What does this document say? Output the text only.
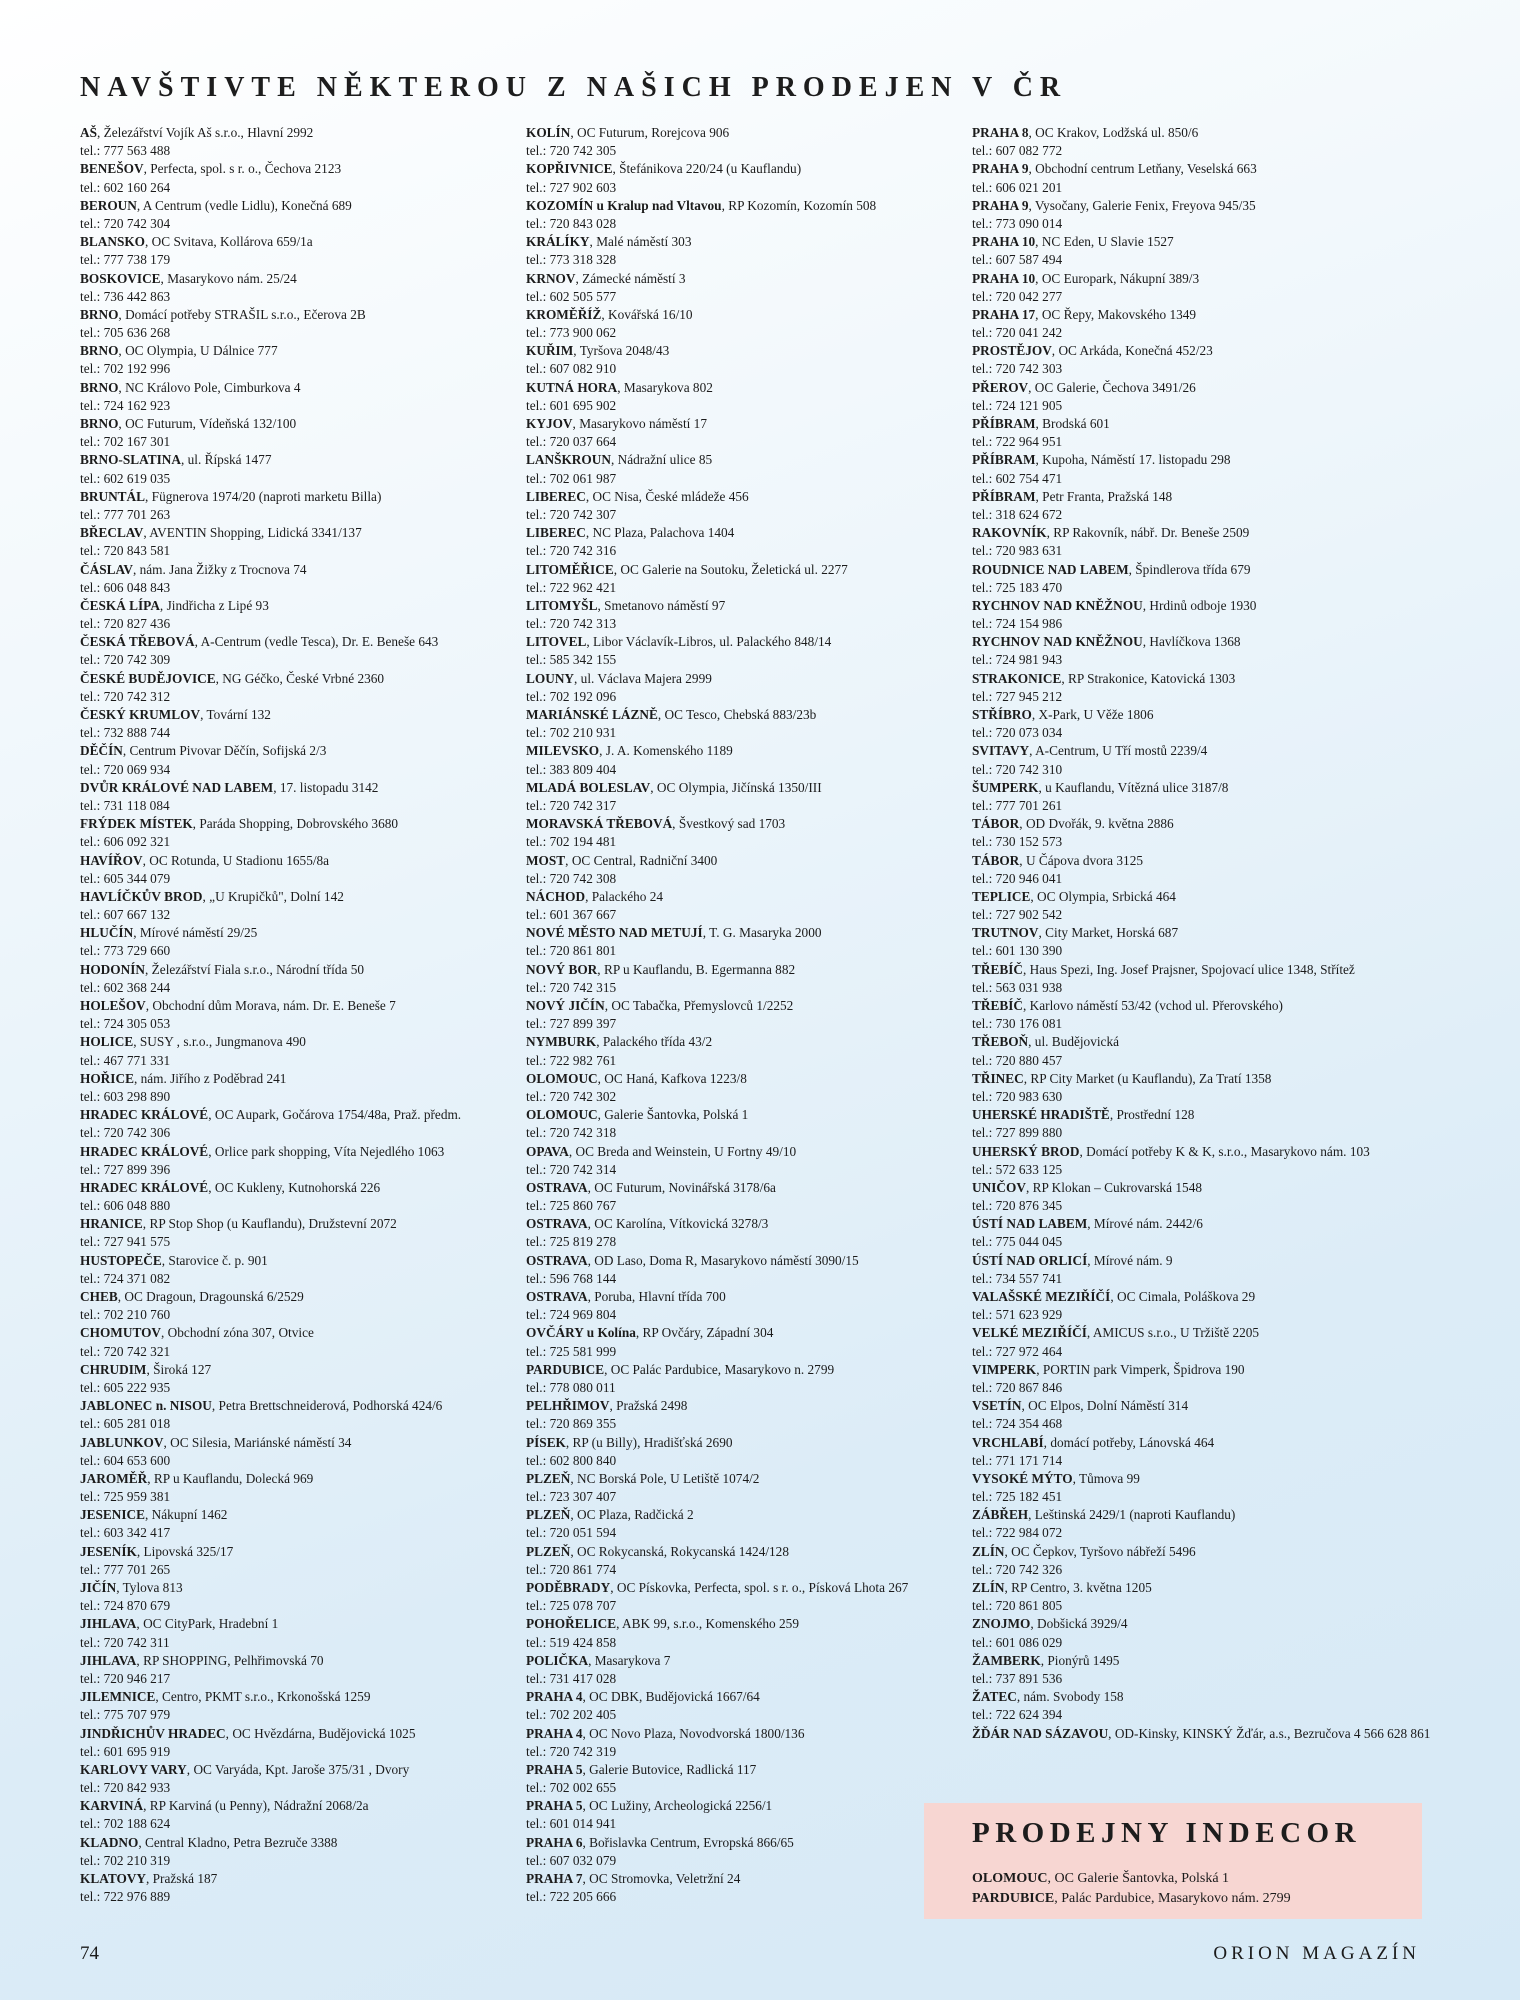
NAVŠTIVTE NĚKTEROU Z NAŠICH PRODEJEN V ČR
AŠ, Železářství Vojík Aš s.r.o., Hlavní 2992
tel.: 777 563 488
BENEŠOV, Perfecta, spol. s r. o., Čechova 2123
tel.: 602 160 264
BEROUN, A Centrum (vedle Lidlu), Konečná 689
tel.: 720 742 304
BLANSKO, OC Svitava, Kollárova 659/1a
tel.: 777 738 179
BOSKOVICE, Masarykovo nám. 25/24
tel.: 736 442 863
BRNO, Domácí potřeby STRAŠIL s.r.o., Ečerova 2B
tel.: 705 636 268
BRNO, OC Olympia, U Dálnice 777
tel.: 702 192 996
BRNO, NC Královo Pole, Cimburkova 4
tel.: 724 162 923
BRNO, OC Futurum, Vídeňská 132/100
tel.: 702 167 301
BRNO-SLATINA, ul. Řípská 1477
tel.: 602 619 035
BRUNTÁL, Fügnerova 1974/20 (naproti marketu Billa)
tel.: 777 701 263
BŘECLAV, AVENTIN Shopping, Lidická 3341/137
tel.: 720 843 581
ČÁSLAV, nám. Jana Žižky z Trocnova 74
tel.: 606 048 843
ČESKÁ LÍPA, Jindřicha z Lipé 93
tel.: 720 827 436
ČESKÁ TŘEBOVÁ, A-Centrum (vedle Tesca), Dr. E. Beneše 643
tel.: 720 742 309
ČESKÉ BUDĚJOVICE, NG Géčko, České Vrbné 2360
tel.: 720 742 312
ČESKÝ KRUMLOV, Tovární 132
tel.: 732 888 744
DĚČÍN, Centrum Pivovar Děčín, Sofijská 2/3
tel.: 720 069 934
DVŮR KRÁLOVÉ NAD LABEM, 17. listopadu 3142
tel.: 731 118 084
FRÝDEK MÍSTEK, Paráda Shopping, Dobrovského 3680
tel.: 606 092 321
HAVÍŘOV, OC Rotunda, U Stadionu 1655/8a
tel.: 605 344 079
HAVLÍČKŮV BROD, „U Krupičků", Dolní 142
tel.: 607 667 132
HLUČÍN, Mírové náměstí 29/25
tel.: 773 729 660
HODONÍN, Železářství Fiala s.r.o., Národní třída 50
tel.: 602 368 244
HOLEŠOV, Obchodní dům Morava, nám. Dr. E. Beneše 7
tel.: 724 305 053
HOLICE, SUSY , s.r.o., Jungmanova 490
tel.: 467 771 331
HOŘICE, nám. Jiřího z Poděbrad 241
tel.: 603 298 890
HRADEC KRÁLOVÉ, OC Aupark, Gočárova 1754/48a, Praž. předm.
tel.: 720 742 306
HRADEC KRÁLOVÉ, Orlice park shopping, Víta Nejedlého 1063
tel.: 727 899 396
HRADEC KRÁLOVÉ, OC Kukleny, Kutnohorská 226
tel.: 606 048 880
HRANICE, RP Stop Shop (u Kauflandu), Družstevní 2072
tel.: 727 941 575
HUSTOPEČE, Starovice č. p. 901
tel.: 724 371 082
CHEB, OC Dragoun, Dragounská 6/2529
tel.: 702 210 760
CHOMUTOV, Obchodní zóna 307, Otvice
tel.: 720 742 321
CHRUDIM, Široká 127
tel.: 605 222 935
JABLONEC n. NISOU, Petra Brettschneiderová, Podhorská 424/6
tel.: 605 281 018
JABLUNKOV, OC Silesia, Mariánské náměstí 34
tel.: 604 653 600
JAROMĚŘ, RP u Kauflandu, Dolecká 969
tel.: 725 959 381
JESENICE, Nákupní 1462
tel.: 603 342 417
JESENÍK, Lipovská 325/17
tel.: 777 701 265
JIČÍN, Tylova 813
tel.: 724 870 679
JIHLAVA, OC CityPark, Hradební 1
tel.: 720 742 311
JIHLAVA, RP SHOPPING, Pelhřimovská 70
tel.: 720 946 217
JILEMNICE, Centro, PKMT s.r.o., Krkonošská 1259
tel.: 775 707 979
JINDŘICHŮV HRADEC, OC Hvězdárna, Budějovická 1025
tel.: 601 695 919
KARLOVY VARY, OC Varyáda, Kpt. Jaroše 375/31 , Dvory
tel.: 720 842 933
KARVINÁ, RP Karviná (u Penny), Nádražní 2068/2a
tel.: 702 188 624
KLADNO, Central Kladno, Petra Bezruče 3388
tel.: 702 210 319
KLATOVY, Pražská 187
tel.: 722 976 889
KOLÍN, OC Futurum, Rorejcova 906
tel.: 720 742 305
KOPŘIVNICE, Štefánikova 220/24 (u Kauflandu)
tel.: 727 902 603
KOZOMÍN u Kralup nad Vltavou, RP Kozomín, Kozomín 508
tel.: 720 843 028
KRÁLÍKY, Malé náměstí 303
tel.: 773 318 328
KRNOV, Zámecké náměstí 3
tel.: 602 505 577
KROMĚŘÍŽ, Kovářská 16/10
tel.: 773 900 062
KUŘIM, Tyršova 2048/43
tel.: 607 082 910
KUTNÁ HORA, Masarykova 802
tel.: 601 695 902
KYJOV, Masarykovo náměstí 17
tel.: 720 037 664
LANŠKROUN, Nádražní ulice 85
tel.: 702 061 987
LIBEREC, OC Nisa, České mládeže 456
tel.: 720 742 307
LIBEREC, NC Plaza, Palachova 1404
tel.: 720 742 316
LITOMĚŘICE, OC Galerie na Soutoku, Želetická ul. 2277
tel.: 722 962 421
LITOMYŠL, Smetanovo náměstí 97
tel.: 720 742 313
LITOVEL, Libor Václavík-Libros, ul. Palackého 848/14
tel.: 585 342 155
LOUNY, ul. Václava Majera 2999
tel.: 702 192 096
MARIÁNSKÉ LÁZNĚ, OC Tesco, Chebská 883/23b
tel.: 702 210 931
MILEVSKO, J. A. Komenského 1189
tel.: 383 809 404
MLADÁ BOLESLAV, OC Olympia, Jičínská 1350/III
tel.: 720 742 317
MORAVSKÁ TŘEBOVÁ, Švestkový sad 1703
tel.: 702 194 481
MOST, OC Central, Radniční 3400
tel.: 720 742 308
NÁCHOD, Palackého 24
tel.: 601 367 667
NOVÉ MĚSTO NAD METUJÍ, T. G. Masaryka 2000
tel.: 720 861 801
NOVÝ BOR, RP u Kauflandu, B. Egermanna 882
tel.: 720 742 315
NOVÝ JIČÍN, OC Tabačka, Přemyslovců 1/2252
tel.: 727 899 397
NYMBURK, Palackého třída 43/2
tel.: 722 982 761
OLOMOUC, OC Haná, Kafkova 1223/8
tel.: 720 742 302
OLOMOUC, Galerie Šantovka, Polská 1
tel.: 720 742 318
OPAVA, OC Breda and Weinstein, U Fortny 49/10
tel.: 720 742 314
OSTRAVA, OC Futurum, Novinářská 3178/6a
tel.: 725 860 767
OSTRAVA, OC Karolína, Vítkovická 3278/3
tel.: 725 819 278
OSTRAVA, OD Laso, Doma R, Masarykovo náměstí 3090/15
tel.: 596 768 144
OSTRAVA, Poruba, Hlavní třída 700
tel.: 724 969 804
OVČÁRY u Kolína, RP Ovčáry, Západní 304
tel.: 725 581 999
PARDUBICE, OC Palác Pardubice, Masarykovo n. 2799
tel.: 778 080 011
PELHŘIMOV, Pražská 2498
tel.: 720 869 355
PÍSEK, RP (u Billy), Hradišťská 2690
tel.: 602 800 840
PLZEŇ, NC Borská Pole, U Letiště 1074/2
tel.: 723 307 407
PLZEŇ, OC Plaza, Radčická 2
tel.: 720 051 594
PLZEŇ, OC Rokycanská, Rokycanská 1424/128
tel.: 720 861 774
PODĚBRADY, OC Pískovka, Perfecta, spol. s r. o., Písková Lhota 267
tel.: 725 078 707
POHOŘELICE, ABK 99, s.r.o., Komenského 259
tel.: 519 424 858
POLIČKA, Masarykova 7
tel.: 731 417 028
PRAHA 4, OC DBK, Budějovická 1667/64
tel.: 702 202 405
PRAHA 4, OC Novo Plaza, Novodvorská 1800/136
tel.: 720 742 319
PRAHA 5, Galerie Butovice, Radlická 117
tel.: 702 002 655
PRAHA 5, OC Lužiny, Archeologická 2256/1
tel.: 601 014 941
PRAHA 6, Bořislavka Centrum, Evropská 866/65
tel.: 607 032 079
PRAHA 7, OC Stromovka, Veletržní 24
tel.: 722 205 666
PRAHA 8, OC Krakov, Lodžská ul. 850/6
tel.: 607 082 772
PRAHA 9, Obchodní centrum Letňany, Veselská 663
tel.: 606 021 201
PRAHA 9, Vysočany, Galerie Fenix, Freyova 945/35
tel.: 773 090 014
PRAHA 10, NC Eden, U Slavie 1527
tel.: 607 587 494
PRAHA 10, OC Europark, Nákupní 389/3
tel.: 720 042 277
PRAHA 17, OC Řepy, Makovského 1349
tel.: 720 041 242
PROSTĚJOV, OC Arkáda, Konečná 452/23
tel.: 720 742 303
PŘEROV, OC Galerie, Čechova 3491/26
tel.: 724 121 905
PŘÍBRAM, Brodská 601
tel.: 722 964 951
PŘÍBRAM, Kupoha, Náměstí 17. listopadu 298
tel.: 602 754 471
PŘÍBRAM, Petr Franta, Pražská 148
tel.: 318 624 672
RAKOVNÍK, RP Rakovník, nábř. Dr. Beneše 2509
tel.: 720 983 631
ROUDNICE NAD LABEM, Špindlerova třída 679
tel.: 725 183 470
RYCHNOV NAD KNĚŽNOU, Hrdinů odboje 1930
tel.: 724 154 986
RYCHNOV NAD KNĚŽNOU, Havlíčkova 1368
tel.: 724 981 943
STRAKONICE, RP Strakonice, Katovická 1303
tel.: 727 945 212
STŘÍBRO, X-Park, U Věže 1806
tel.: 720 073 034
SVITAVY, A-Centrum, U Tří mostů 2239/4
tel.: 720 742 310
ŠUMPERK, u Kauflandu, Vítězná ulice 3187/8
tel.: 777 701 261
TÁBOR, OD Dvořák, 9. května 2886
tel.: 730 152 573
TÁBOR, U Čápova dvora 3125
tel.: 720 946 041
TEPLICE, OC Olympia, Srbická 464
tel.: 727 902 542
TRUTNOV, City Market, Horská 687
tel.: 601 130 390
TŘEBÍČ, Haus Spezi, Ing. Josef Prajsner, Spojovací ulice 1348, Střítež
tel.: 563 031 938
TŘEBÍČ, Karlovo náměstí 53/42 (vchod ul. Přerovského)
tel.: 730 176 081
TŘEBOŇ, ul. Budějovická
tel.: 720 880 457
TŘINEC, RP City Market (u Kauflandu), Za Tratí 1358
tel.: 720 983 630
UHERSKÉ HRADIŠTĚ, Prostřední 128
tel.: 727 899 880
UHERSKÝ BROD, Domácí potřeby K & K, s.r.o., Masarykovo nám. 103
tel.: 572 633 125
UNIČOV, RP Klokan – Cukrovarská 1548
tel.: 720 876 345
ÚSTÍ NAD LABEM, Mírové nám. 2442/6
tel.: 775 044 045
ÚSTÍ NAD ORLICÍ, Mírové nám. 9
tel.: 734 557 741
VALAŠSKÉ MEZIŘÍČÍ, OC Cimala, Poláškova 29
tel.: 571 623 929
VELKÉ MEZIŘÍČÍ, AMICUS s.r.o., U Tržiště 2205
tel.: 727 972 464
VIMPERK, PORTIN park Vimperk, Špidrova 190
tel.: 720 867 846
VSETÍN, OC Elpos, Dolní Náměstí 314
tel.: 724 354 468
VRCHLABÍ, domácí potřeby, Lánovská 464
tel.: 771 171 714
VYSOKÉ MÝTO, Tůmova 99
tel.: 725 182 451
ZÁBŘEH, Leštinská 2429/1 (naproti Kauflandu)
tel.: 722 984 072
ZLÍN, OC Čepkov, Tyršovo nábřeží 5496
tel.: 720 742 326
ZLÍN, RP Centro, 3. května 1205
tel.: 720 861 805
ZNOJMO, Dobšická 3929/4
tel.: 601 086 029
ŽAMBERK, Pionýrů 1495
tel.: 737 891 536
ŽATEC, nám. Svobody 158
tel.: 722 624 394
ŽĎÁR NAD SÁZAVOU, OD-Kinsky, KINSKÝ Žďár, a.s., Bezručova 4 566 628 861
PRODEJNY INDECOR
OLOMOUC, OC Galerie Šantovka, Polská 1
PARDUBICE, Palác Pardubice, Masarykovo nám. 2799
74	ORION MAGAZÍN
